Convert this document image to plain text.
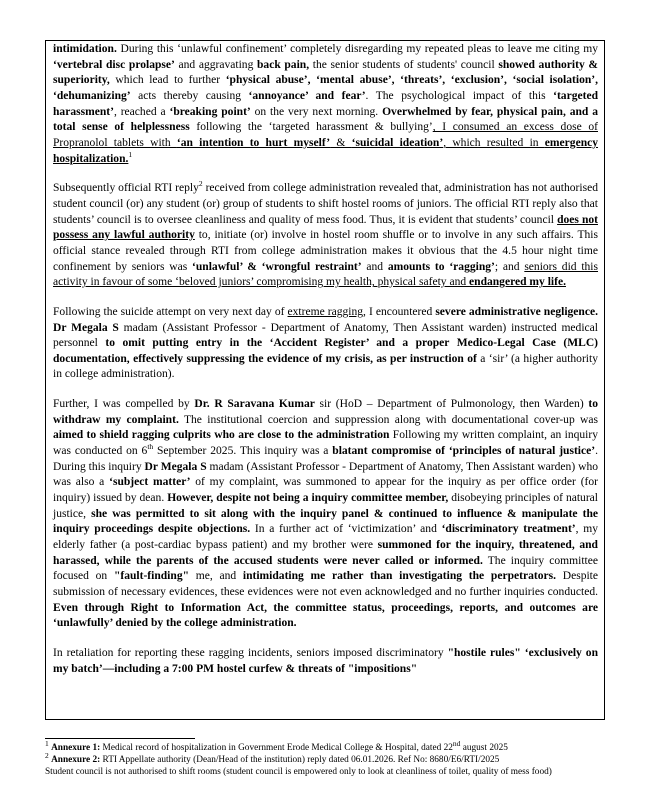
intimidation. During this ‘unlawful confinement’ completely disregarding my repeated pleas to leave me citing my ‘vertebral disc prolapse’ and aggravating back pain, the senior students of students' council showed authority & superiority, which lead to further ‘physical abuse’, ‘mental abuse’, ‘threats’, ‘exclusion’, ‘social isolation’, ‘dehumanizing’ acts thereby causing ‘annoyance’ and fear’. The psychological impact of this ‘targeted harassment’, reached a ‘breaking point’ on the very next morning. Overwhelmed by fear, physical pain, and a total sense of helplessness following the ‘targeted harassment & bullying’, I consumed an excess dose of Propranolol tablets with ‘an intention to hurt myself’ & ‘suicidal ideation’, which resulted in emergency hospitalization.$^1$

Subsequently official RTI reply$^2$ received from college administration revealed that, administration has not authorised student council (or) any student (or) group of students to shift hostel rooms of juniors. The official RTI reply also that students’ council is to oversee cleanliness and quality of mess food. Thus, it is evident that students’ council does not possess any lawful authority to, initiate (or) involve in hostel room shuffle or to involve in any such affairs. This official stance revealed through RTI from college administration makes it obvious that the 4.5 hour night time confinement by seniors was ‘unlawful’ & ‘wrongful restraint’ and amounts to ‘ragging’; and seniors did this activity in favour of some ‘beloved juniors’ compromising my health, physical safety and endangered my life.

Following the suicide attempt on very next day of extreme ragging, I encountered severe administrative negligence. Dr Megala S madam (Assistant Professor - Department of Anatomy, Then Assistant warden) instructed medical personnel to omit putting entry in the ‘Accident Register’ and a proper Medico-Legal Case (MLC) documentation, effectively suppressing the evidence of my crisis, as per instruction of a ‘sir’ (a higher authority in college administration).

Further, I was compelled by Dr. R Saravana Kumar sir (HoD – Department of Pulmonology, then Warden) to withdraw my complaint. The institutional coercion and suppression along with documentational cover-up was aimed to shield ragging culprits who are close to the administration Following my written complaint, an inquiry was conducted on 6th September 2025. This inquiry was a blatant compromise of ‘principles of natural justice’. During this inquiry Dr Megala S madam (Assistant Professor - Department of Anatomy, Then Assistant warden) who was also a ‘subject matter’ of my complaint, was summoned to appear for the inquiry as per office order (for inquiry) issued by dean. However, despite not being a inquiry committee member, disobeying principles of natural justice, she was permitted to sit along with the inquiry panel & continued to influence & manipulate the inquiry proceedings despite objections. In a further act of ‘victimization’ and ‘discriminatory treatment’, my elderly father (a post-cardiac bypass patient) and my brother were summoned for the inquiry, threatened, and harassed, while the parents of the accused students were never called or informed. The inquiry committee focused on "fault-finding" me, and intimidating me rather than investigating the perpetrators. Despite submission of necessary evidences, these evidences were not even acknowledged and no further inquiries conducted. Even through Right to Information Act, the committee status, proceedings, reports, and outcomes are ‘unlawfully’ denied by the college administration.

In retaliation for reporting these ragging incidents, seniors imposed discriminatory "hostile rules" ‘exclusively on my batch’—including a 7:00 PM hostel curfew & threats of "impositions"

$^1$ Annexure 1: Medical record of hospitalization in Government Erode Medical College & Hospital, dated 22nd august 2025

$^2$ Annexure 2: RTI Appellate authority (Dean/Head of the institution) reply dated 06.01.2026. Ref No: 8680/E6/RTI/2025

Student council is not authorised to shift rooms (student council is empowered only to look at cleanliness of toilet, quality of mess food)
